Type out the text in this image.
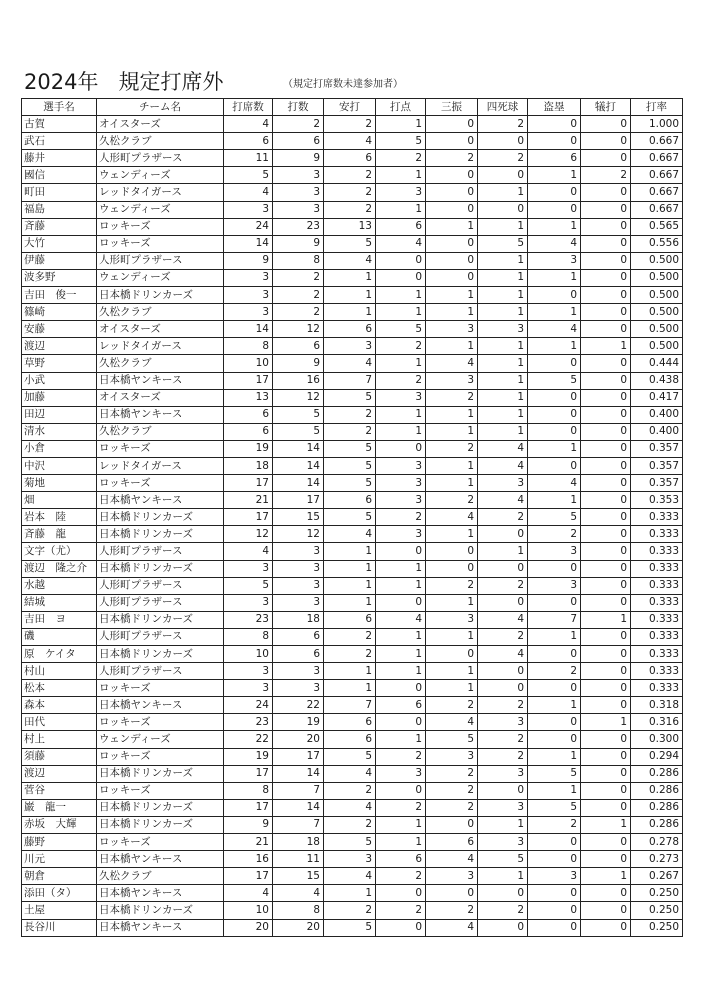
2024年 規定打席外	（規定打席数未達参加者）
選手名	チーム名	打席数	打数	安打	打点	三振	四死球	盗塁	犠打	打率
古賀	オイスターズ	4	2	2	1	0	2	0	0	1.000
武石	久松クラブ	6	6	4	5	0	0	0	0	0.667
藤井	人形町プラザース	11	9	6	2	2	2	6	0	0.667
國信	ウェンディーズ	5	3	2	1	0	0	1	2	0.667
町田	レッドタイガース	4	3	2	3	0	1	0	0	0.667
福島	ウェンディーズ	3	3	2	1	0	0	0	0	0.667
斉藤	ロッキーズ	24	23	13	6	1	1	1	0	0.565
大竹	ロッキーズ	14	9	5	4	0	5	4	0	0.556
伊藤	人形町プラザース	9	8	4	0	0	1	3	0	0.500
波多野	ウェンディーズ	3	2	1	0	0	1	1	0	0.500
吉田　俊一	日本橋ドリンカーズ	3	2	1	1	1	1	0	0	0.500
篠崎	久松クラブ	3	2	1	1	1	1	1	0	0.500
安藤	オイスターズ	14	12	6	5	3	3	4	0	0.500
渡辺	レッドタイガース	8	6	3	2	1	1	1	1	0.500
草野	久松クラブ	10	9	4	1	4	1	0	0	0.444
小武	日本橋ヤンキース	17	16	7	2	3	1	5	0	0.438
加藤	オイスターズ	13	12	5	3	2	1	0	0	0.417
田辺	日本橋ヤンキース	6	5	2	1	1	1	0	0	0.400
清水	久松クラブ	6	5	2	1	1	1	0	0	0.400
小倉	ロッキーズ	19	14	5	0	2	4	1	0	0.357
中沢	レッドタイガース	18	14	5	3	1	4	0	0	0.357
菊地	ロッキーズ	17	14	5	3	1	3	4	0	0.357
畑	日本橋ヤンキース	21	17	6	3	2	4	1	0	0.353
岩本　陸	日本橋ドリンカーズ	17	15	5	2	4	2	5	0	0.333
斉藤　龍	日本橋ドリンカーズ	12	12	4	3	1	0	2	0	0.333
文字（尤）	人形町プラザース	4	3	1	0	0	1	3	0	0.333
渡辺　隆之介	日本橋ドリンカーズ	3	3	1	1	0	0	0	0	0.333
水越	人形町プラザース	5	3	1	1	2	2	3	0	0.333
結城	人形町プラザース	3	3	1	0	1	0	0	0	0.333
吉田　ヨ	日本橋ドリンカーズ	23	18	6	4	3	4	7	1	0.333
磯	人形町プラザース	8	6	2	1	1	2	1	0	0.333
原　ケイタ	日本橋ドリンカーズ	10	6	2	1	0	4	0	0	0.333
村山	人形町プラザース	3	3	1	1	1	0	2	0	0.333
松本	ロッキーズ	3	3	1	0	1	0	0	0	0.333
森本	日本橋ヤンキース	24	22	7	6	2	2	1	0	0.318
田代	ロッキーズ	23	19	6	0	4	3	0	1	0.316
村上	ウェンディーズ	22	20	6	1	5	2	0	0	0.300
須藤	ロッキーズ	19	17	5	2	3	2	1	0	0.294
渡辺	日本橋ドリンカーズ	17	14	4	3	2	3	5	0	0.286
菅谷	ロッキーズ	8	7	2	0	2	0	1	0	0.286
巌　龍一	日本橋ドリンカーズ	17	14	4	2	2	3	5	0	0.286
赤坂　大輝	日本橋ドリンカーズ	9	7	2	1	0	1	2	1	0.286
藤野	ロッキーズ	21	18	5	1	6	3	0	0	0.278
川元	日本橋ヤンキース	16	11	3	6	4	5	0	0	0.273
朝倉	久松クラブ	17	15	4	2	3	1	3	1	0.267
添田（タ）	日本橋ヤンキース	4	4	1	0	0	0	0	0	0.250
土屋	日本橋ドリンカーズ	10	8	2	2	2	2	0	0	0.250
長谷川	日本橋ヤンキース	20	20	5	0	4	0	0	0	0.250
